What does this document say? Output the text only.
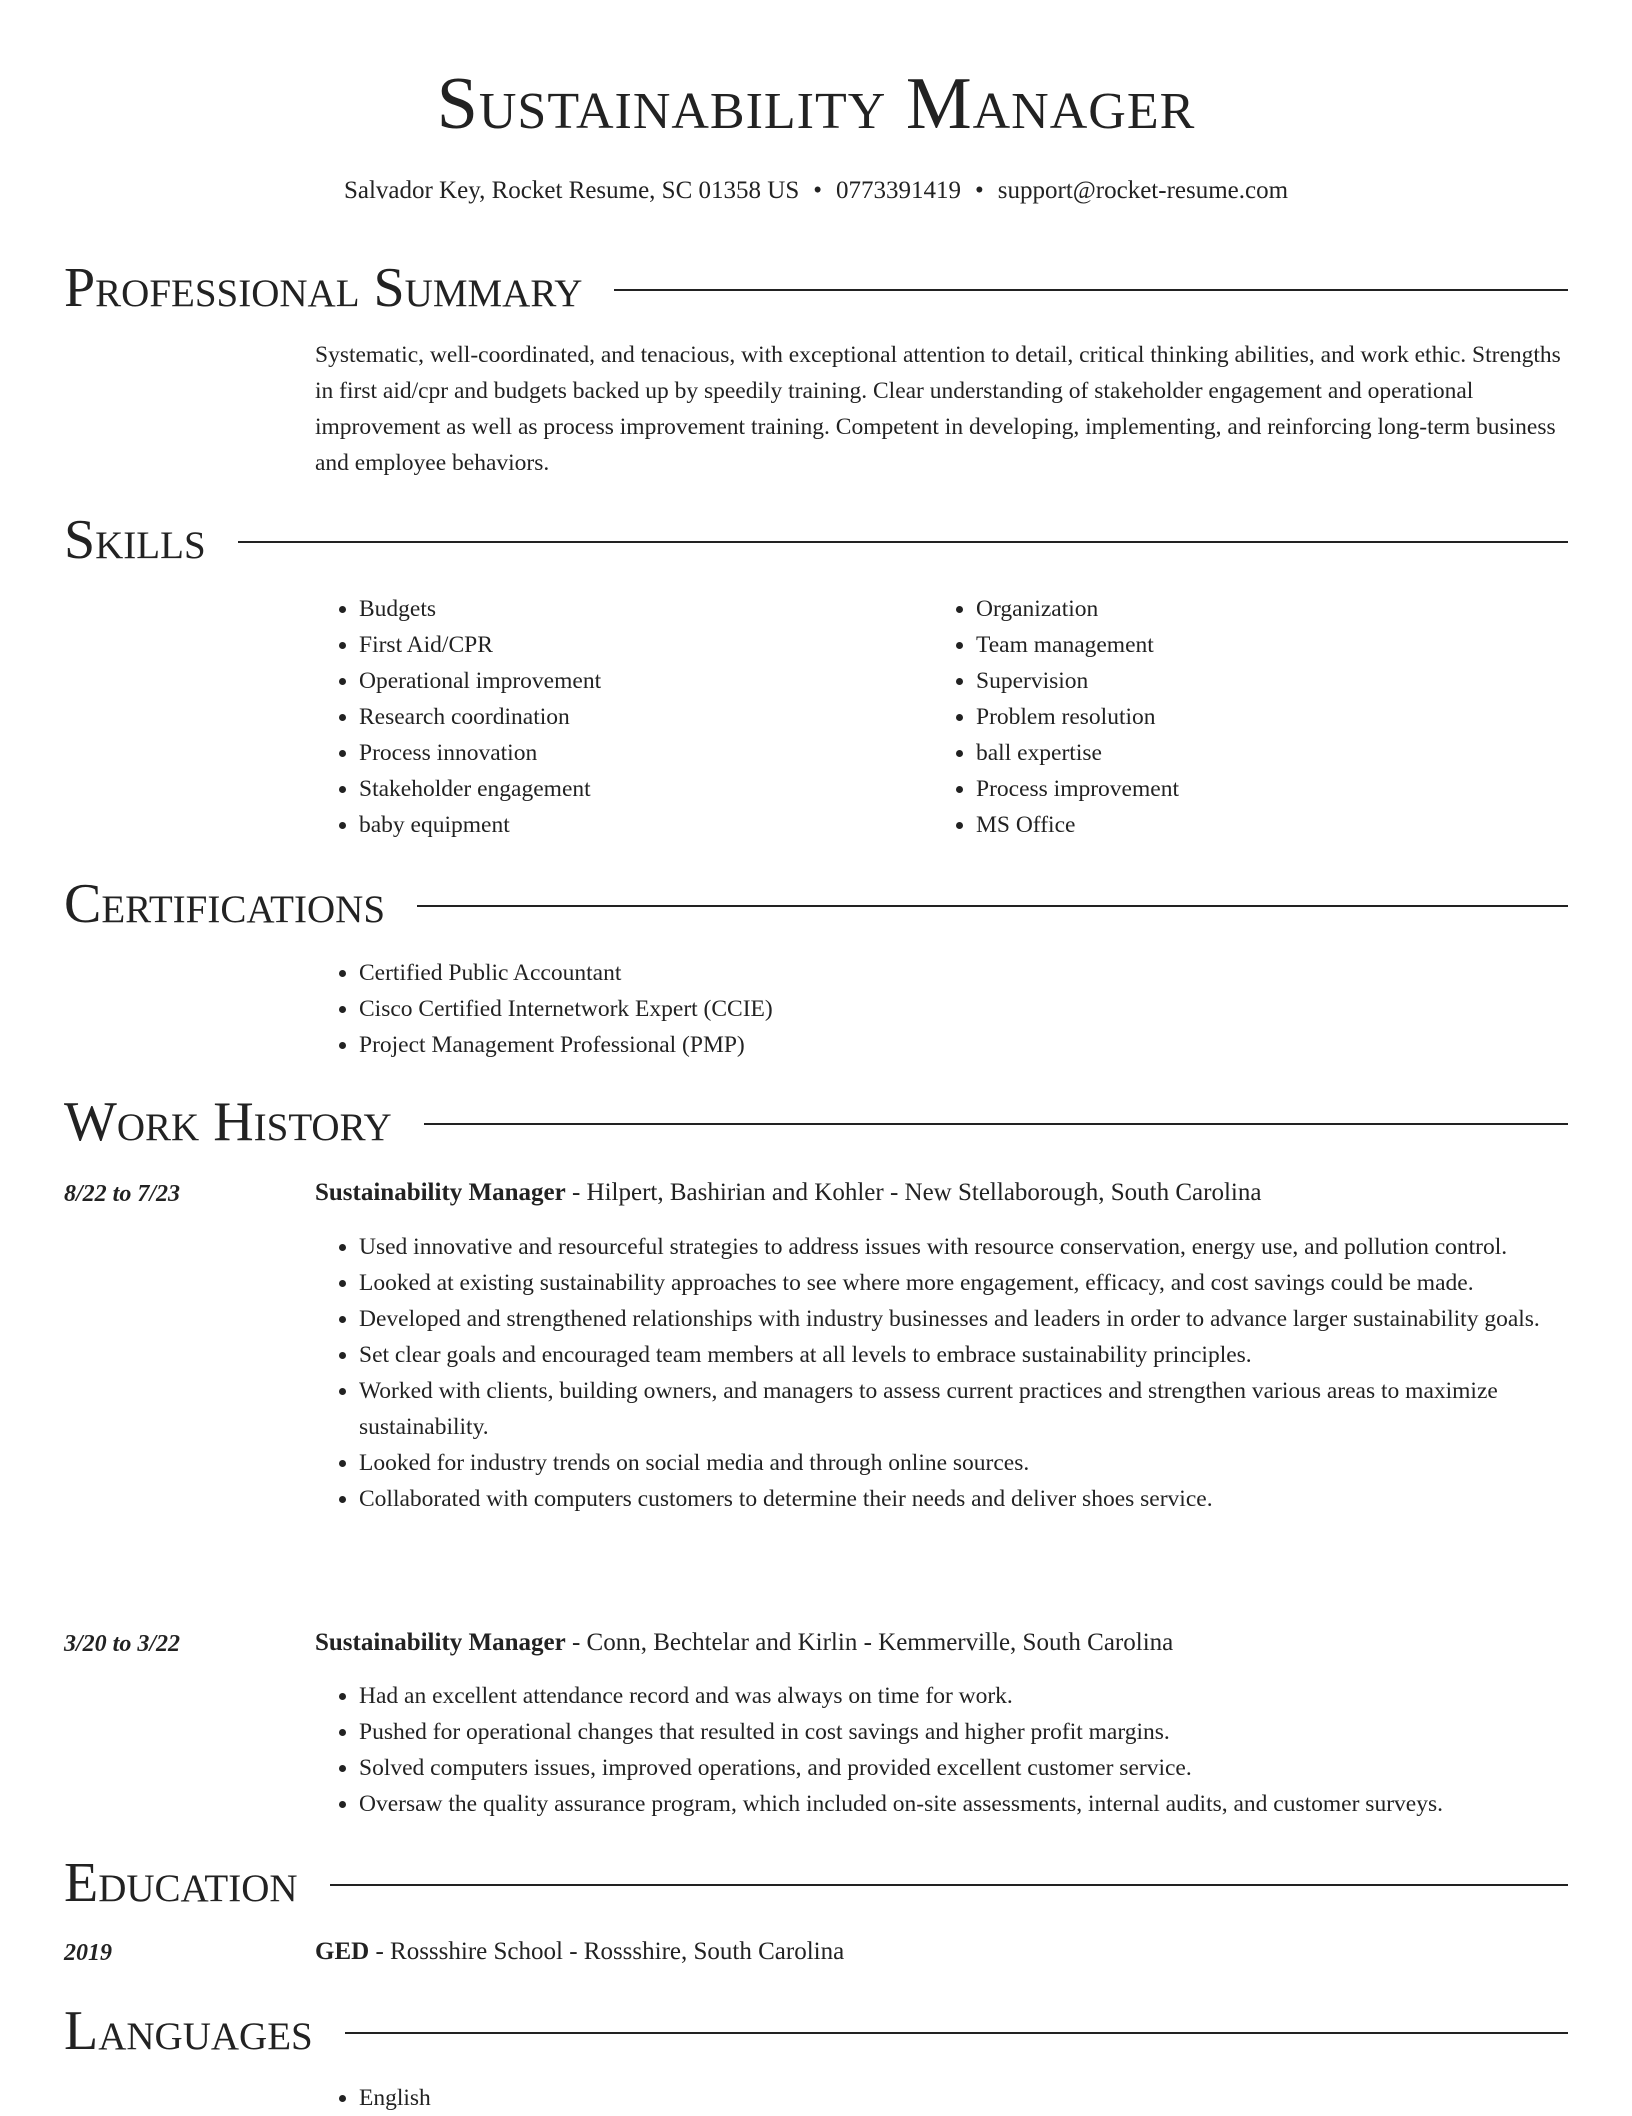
Sustainability Manager
Salvador Key, Rocket Resume, SC 01358 US • 0773391419 • support@rocket-resume.com
Professional Summary
Systematic, well-coordinated, and tenacious, with exceptional attention to detail, critical thinking abilities, and work ethic. Strengths in first aid/cpr and budgets backed up by speedily training. Clear understanding of stakeholder engagement and operational improvement as well as process improvement training. Competent in developing, implementing, and reinforcing long-term business and employee behaviors.
Skills
• Budgets
• First Aid/CPR
• Operational improvement
• Research coordination
• Process innovation
• Stakeholder engagement
• baby equipment
• Organization
• Team management
• Supervision
• Problem resolution
• ball expertise
• Process improvement
• MS Office
Certifications
• Certified Public Accountant
• Cisco Certified Internetwork Expert (CCIE)
• Project Management Professional (PMP)
Work History
8/22 to 7/23	Sustainability Manager - Hilpert, Bashirian and Kohler - New Stellaborough, South Carolina
• Used innovative and resourceful strategies to address issues with resource conservation, energy use, and pollution control.
• Looked at existing sustainability approaches to see where more engagement, efficacy, and cost savings could be made.
• Developed and strengthened relationships with industry businesses and leaders in order to advance larger sustainability goals.
• Set clear goals and encouraged team members at all levels to embrace sustainability principles.
• Worked with clients, building owners, and managers to assess current practices and strengthen various areas to maximize sustainability.
• Looked for industry trends on social media and through online sources.
• Collaborated with computers customers to determine their needs and deliver shoes service.
3/20 to 3/22	Sustainability Manager - Conn, Bechtelar and Kirlin - Kemmerville, South Carolina
• Had an excellent attendance record and was always on time for work.
• Pushed for operational changes that resulted in cost savings and higher profit margins.
• Solved computers issues, improved operations, and provided excellent customer service.
• Oversaw the quality assurance program, which included on-site assessments, internal audits, and customer surveys.
Education
2019	GED - Rossshire School - Rossshire, South Carolina
Languages
• English
